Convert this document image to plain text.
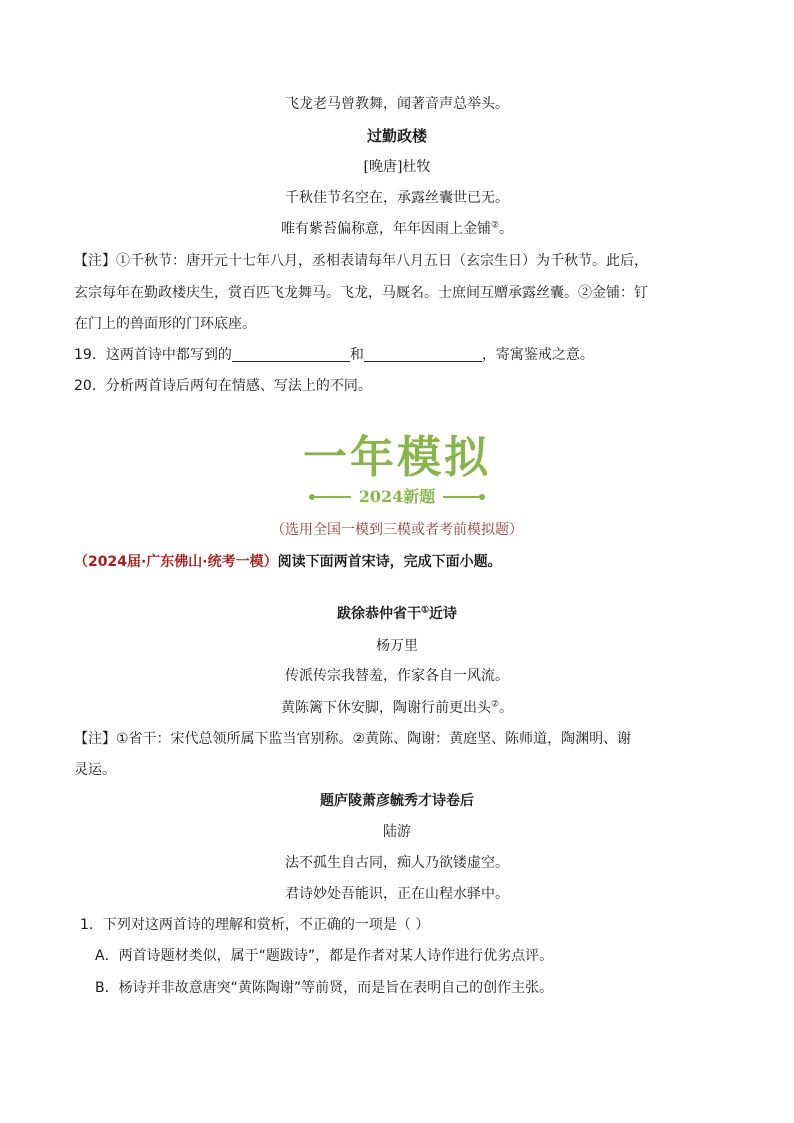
飞龙老马曾教舞，闻著音声总举头。
过勤政楼
[晚唐]杜牧
千秋佳节名空在，承露丝囊世已无。
唯有紫苔偏称意，年年因雨上金铺②。
【注】①千秋节：唐开元十七年八月，丞相表请每年八月五日（玄宗生日）为千秋节。此后，
玄宗每年在勤政楼庆生，赏百匹飞龙舞马。飞龙，马厩名。士庶间互赠承露丝囊。②金铺：钉
在门上的兽面形的门环底座。
19．这两首诗中都写到的	和	，寄寓鉴戒之意。
20．分析两首诗后两句在情感、写法上的不同。
一年模拟
2024新题
（选用全国一模到三模或者考前模拟题）
（2024届·广东佛山·统考一模）阅读下面两首宋诗，完成下面小题。
跋徐恭仲省干①近诗
杨万里
传派传宗我替羞，作家各自一风流。
黄陈篱下休安脚，陶谢行前更出头②。
【注】①省干：宋代总领所属下监当官别称。②黄陈、陶谢：黄庭坚、陈师道，陶渊明、谢
灵运。
题庐陵萧彦毓秀才诗卷后
陆游
法不孤生自古同，痴人乃欲镂虚空。
君诗妙处吾能识，正在山程水驿中。
1．下列对这两首诗的理解和赏析，不正确的一项是（ ）
A．两首诗题材类似，属于“题跋诗”，都是作者对某人诗作进行优劣点评。
B．杨诗并非故意唐突“黄陈陶谢”等前贤，而是旨在表明自己的创作主张。
